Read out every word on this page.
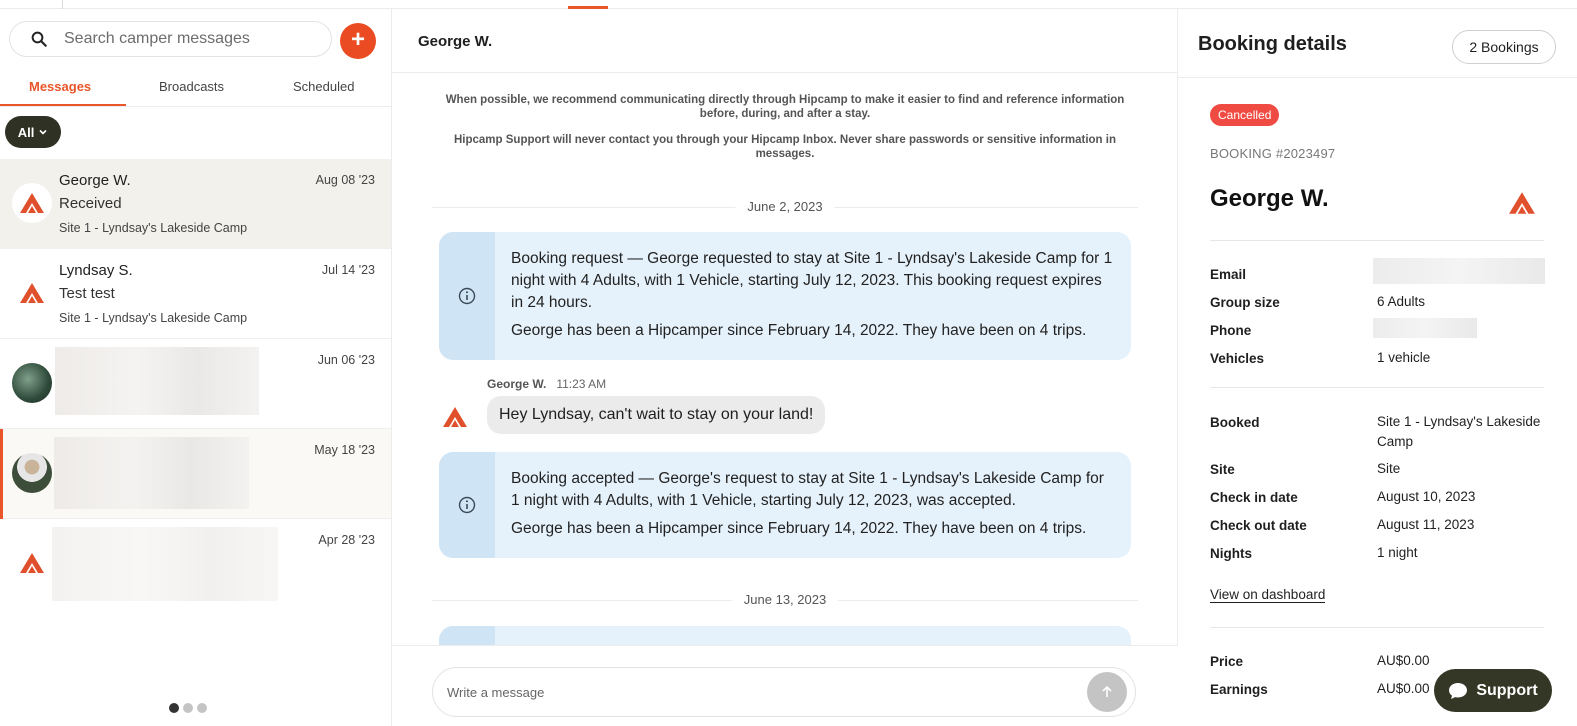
Search camper messages
+
Messages	Broadcasts	Scheduled
All
George W.
Received
Site 1 - Lyndsay's Lakeside Camp
Aug 08 '23
Lyndsay S.
Test test
Site 1 - Lyndsay's Lakeside Camp
Jul 14 '23
Jun 06 '23
May 18 '23
Apr 28 '23
George W.
When possible, we recommend communicating directly through Hipcamp to make it easier to find and reference information before, during, and after a stay.
Hipcamp Support will never contact you through your Hipcamp Inbox. Never share passwords or sensitive information in messages.
June 2, 2023

Booking request — George requested to stay at Site 1 - Lyndsay's Lakeside Camp for 1 night with 4 Adults, with 1 Vehicle, starting July 12, 2023. This booking request expires in 24 hours.

George has been a Hipcamper since February 14, 2022. They have been on 4 trips.

George W. 11:23 AM
Hey Lyndsay, can't wait to stay on your land!

Booking accepted — George's request to stay at Site 1 - Lyndsay's Lakeside Camp for 1 night with 4 Adults, with 1 Vehicle, starting July 12, 2023, was accepted.

George has been a Hipcamper since February 14, 2022. They have been on 4 trips.

June 13, 2023
Write a message
Booking details	2 Bookings
Cancelled
BOOKING #2023497
George W.
Email
Group size	6 Adults
Phone
Vehicles	1 vehicle
Booked	Site 1 - Lyndsay's Lakeside Camp
Site	Site
Check in date	August 10, 2023
Check out date	August 11, 2023
Nights	1 night
View on dashboard
Price	AU$0.00
Earnings	AU$0.00	Support
